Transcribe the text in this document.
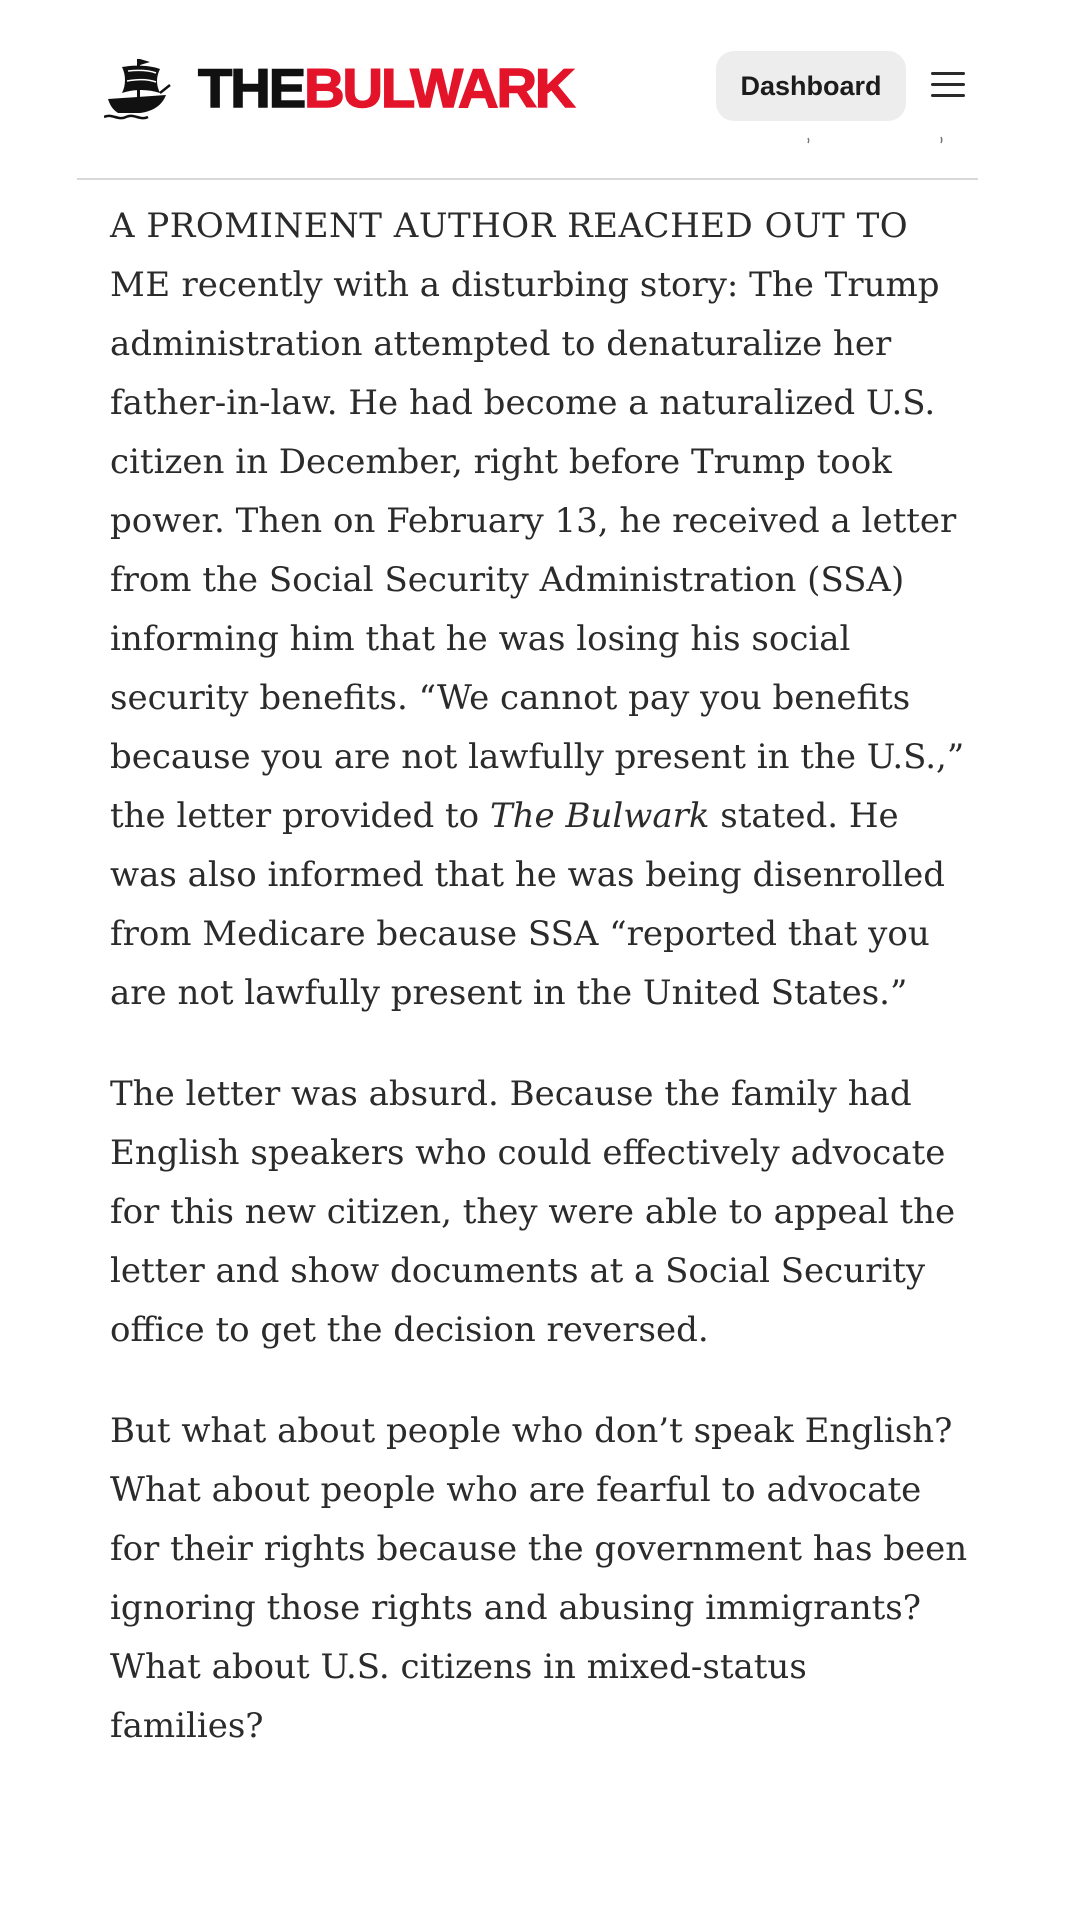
THEBULWARK	Dashboard

A PROMINENT AUTHOR REACHED OUT TO ME recently with a disturbing story: The Trump administration attempted to denaturalize her father-in-law. He had become a naturalized U.S. citizen in December, right before Trump took power. Then on February 13, he received a letter from the Social Security Administration (SSA) informing him that he was losing his social security benefits. “We cannot pay you benefits because you are not lawfully present in the U.S.,” the letter provided to The Bulwark stated. He was also informed that he was being disenrolled from Medicare because SSA “reported that you are not lawfully present in the United States.”

The letter was absurd. Because the family had English speakers who could effectively advocate for this new citizen, they were able to appeal the letter and show documents at a Social Security office to get the decision reversed.

But what about people who don’t speak English? What about people who are fearful to advocate for their rights because the government has been ignoring those rights and abusing immigrants? What about U.S. citizens in mixed-status families?
